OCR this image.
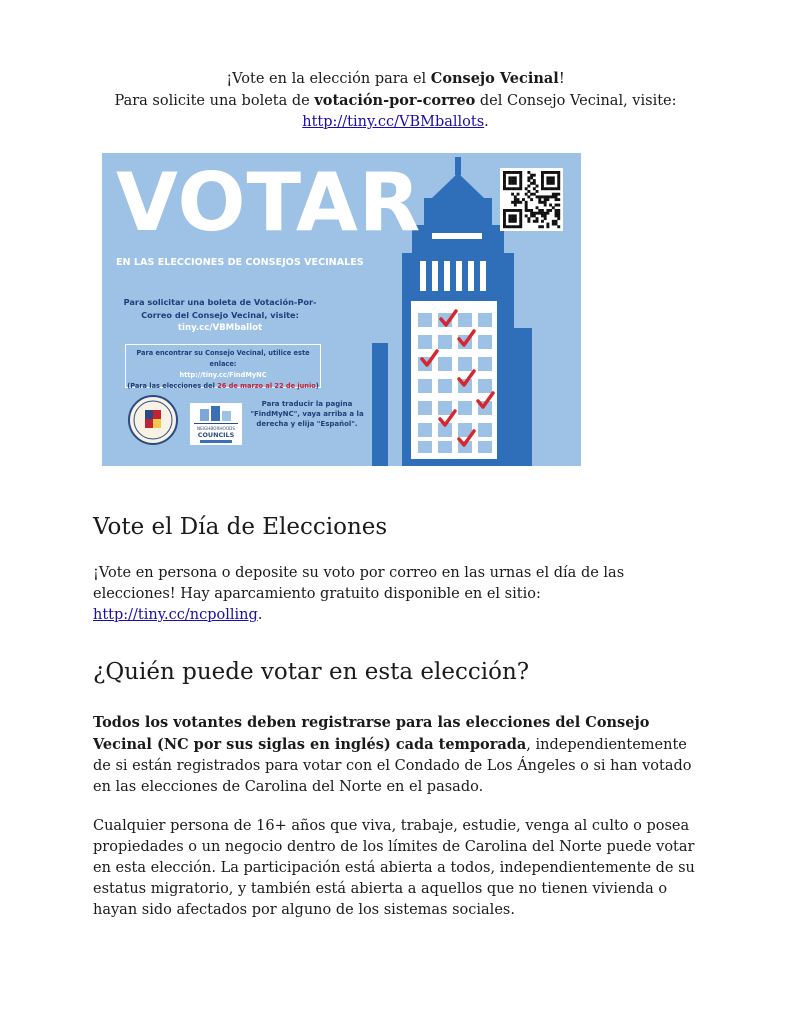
¡Vote en la elección para el Consejo Vecinal!
Para solicite una boleta de votación-por-correo del Consejo Vecinal, visite:
http://tiny.cc/VBMballots.
VOTAR
EN LAS ELECCIONES DE CONSEJOS VECINALES
Para solicitar una boleta de Votación-Por-Correo del Consejo Vecinal, visite:
tiny.cc/VBMballot
Para encontrar su Consejo Vecinal, utilice este enlace:
http://tiny.cc/FindMyNC
(Para las elecciones del 26 de marzo al 22 de junio)
Para traducir la pagina "FindMyNC", vaya arriba a la derecha y elija "Español".
NEIGHBORHOODS
COUNCILS
Vote el Día de Elecciones
¡Vote en persona o deposite su voto por correo en las urnas el día de las elecciones! Hay aparcamiento gratuito disponible en el sitio:
http://tiny.cc/ncpolling.
¿Quién puede votar en esta elección?
Todos los votantes deben registrarse para las elecciones del Consejo Vecinal (NC por sus siglas en inglés) cada temporada, independientemente de si están registrados para votar con el Condado de Los Ángeles o si han votado en las elecciones de Carolina del Norte en el pasado.
Cualquier persona de 16+ años que viva, trabaje, estudie, venga al culto o posea propiedades o un negocio dentro de los límites de Carolina del Norte puede votar en esta elección. La participación está abierta a todos, independientemente de su estatus migratorio, y también está abierta a aquellos que no tienen vivienda o hayan sido afectados por alguno de los sistemas sociales.
